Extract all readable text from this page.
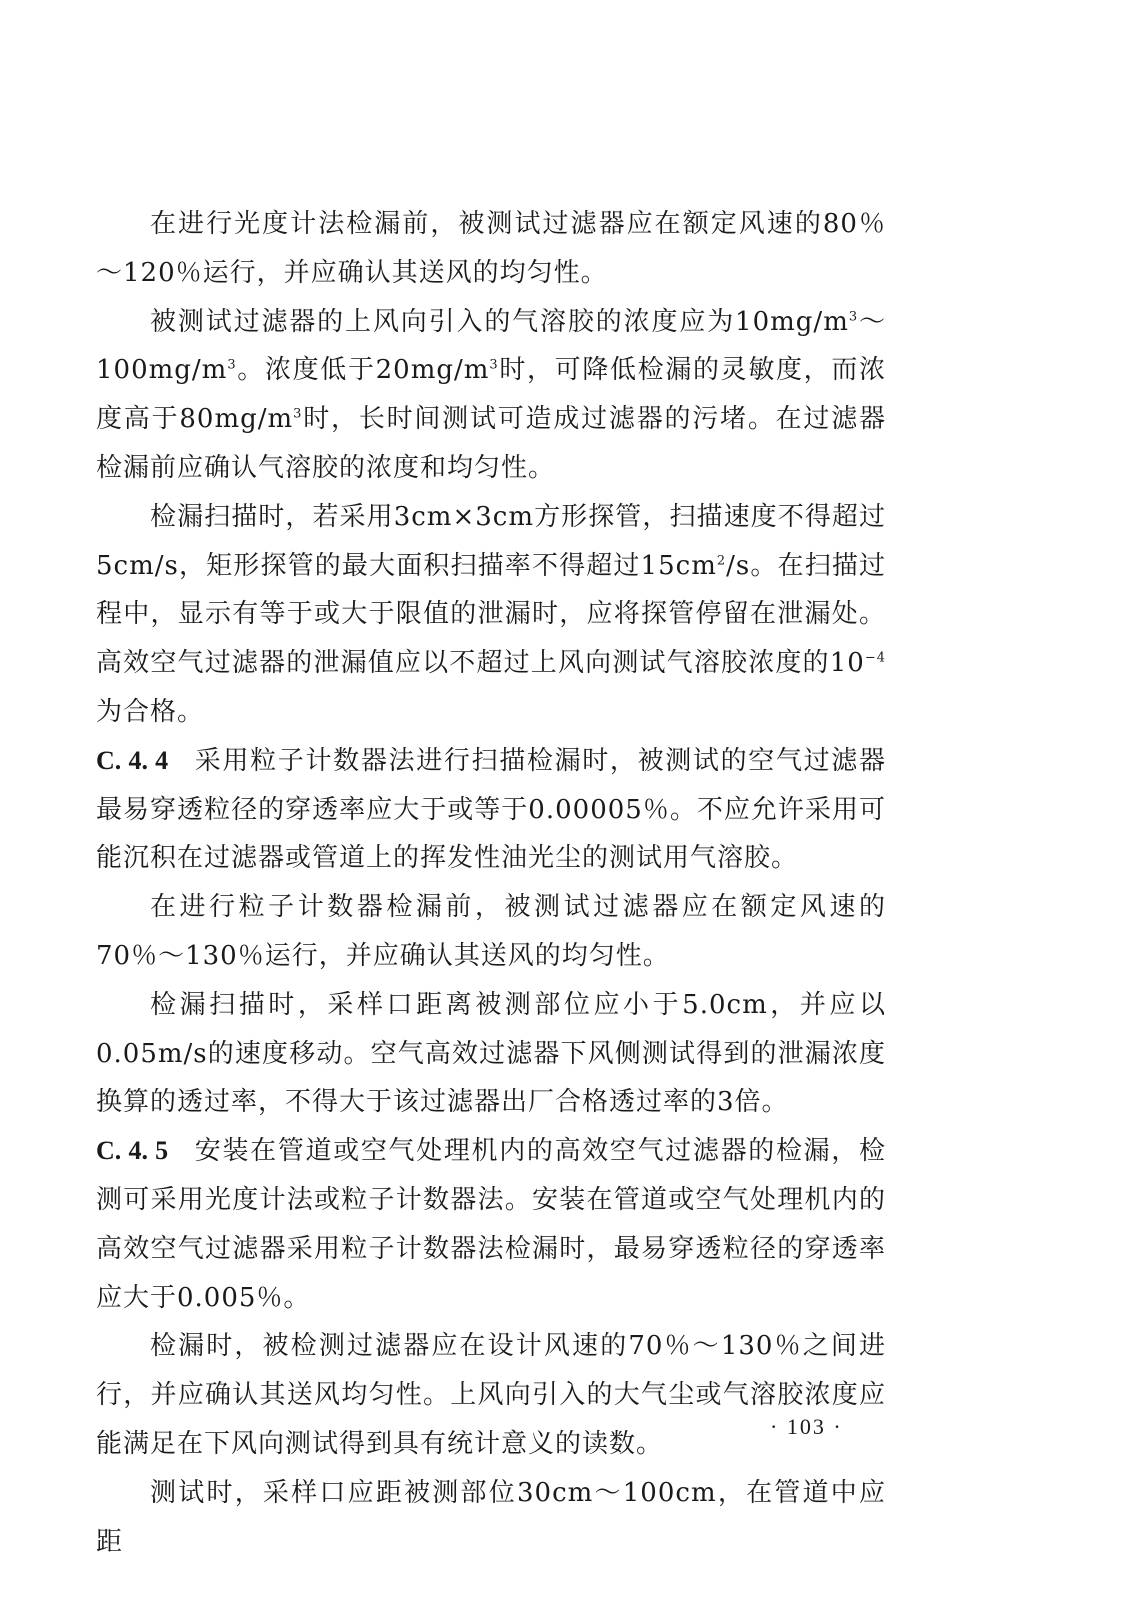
在进行光度计法检漏前，被测试过滤器应在额定风速的80％～120％运行，并应确认其送风的均匀性。

被测试过滤器的上风向引入的气溶胶的浓度应为$10mg/m^3\sim 100mg/m^3$。浓度低于$20mg/m^3$时，可降低检漏的灵敏度，而浓度高于$80mg/m^3$时，长时间测试可造成过滤器的污堵。在过滤器检漏前应确认气溶胶的浓度和均匀性。

检漏扫描时，若采用3cm×3cm方形探管，扫描速度不得超过5cm/s，矩形探管的最大面积扫描率不得超过$15cm^2/s$。在扫描过程中，显示有等于或大于限值的泄漏时，应将探管停留在泄漏处。高效空气过滤器的泄漏值应以不超过上风向测试气溶胶浓度的$10^{-4}$为合格。

C. 4. 4 采用粒子计数器法进行扫描检漏时，被测试的空气过滤器最易穿透粒径的穿透率应大于或等于0.00005％。不应允许采用可能沉积在过滤器或管道上的挥发性油光尘的测试用气溶胶。

在进行粒子计数器检漏前，被测试过滤器应在额定风速的70％～130％运行，并应确认其送风的均匀性。

检漏扫描时，采样口距离被测部位应小于5.0cm，并应以0.05m/s的速度移动。空气高效过滤器下风侧测试得到的泄漏浓度换算的透过率，不得大于该过滤器出厂合格透过率的3倍。

C. 4. 5 安装在管道或空气处理机内的高效空气过滤器的检漏，检测可采用光度计法或粒子计数器法。安装在管道或空气处理机内的高效空气过滤器采用粒子计数器法检漏时，最易穿透粒径的穿透率应大于0.005％。

检漏时，被检测过滤器应在设计风速的70％～130％之间进行，并应确认其送风均匀性。上风向引入的大气尘或气溶胶浓度应能满足在下风向测试得到具有统计意义的读数。

测试时，采样口应距被测部位30cm～100cm，在管道中应距

· 103 ·
